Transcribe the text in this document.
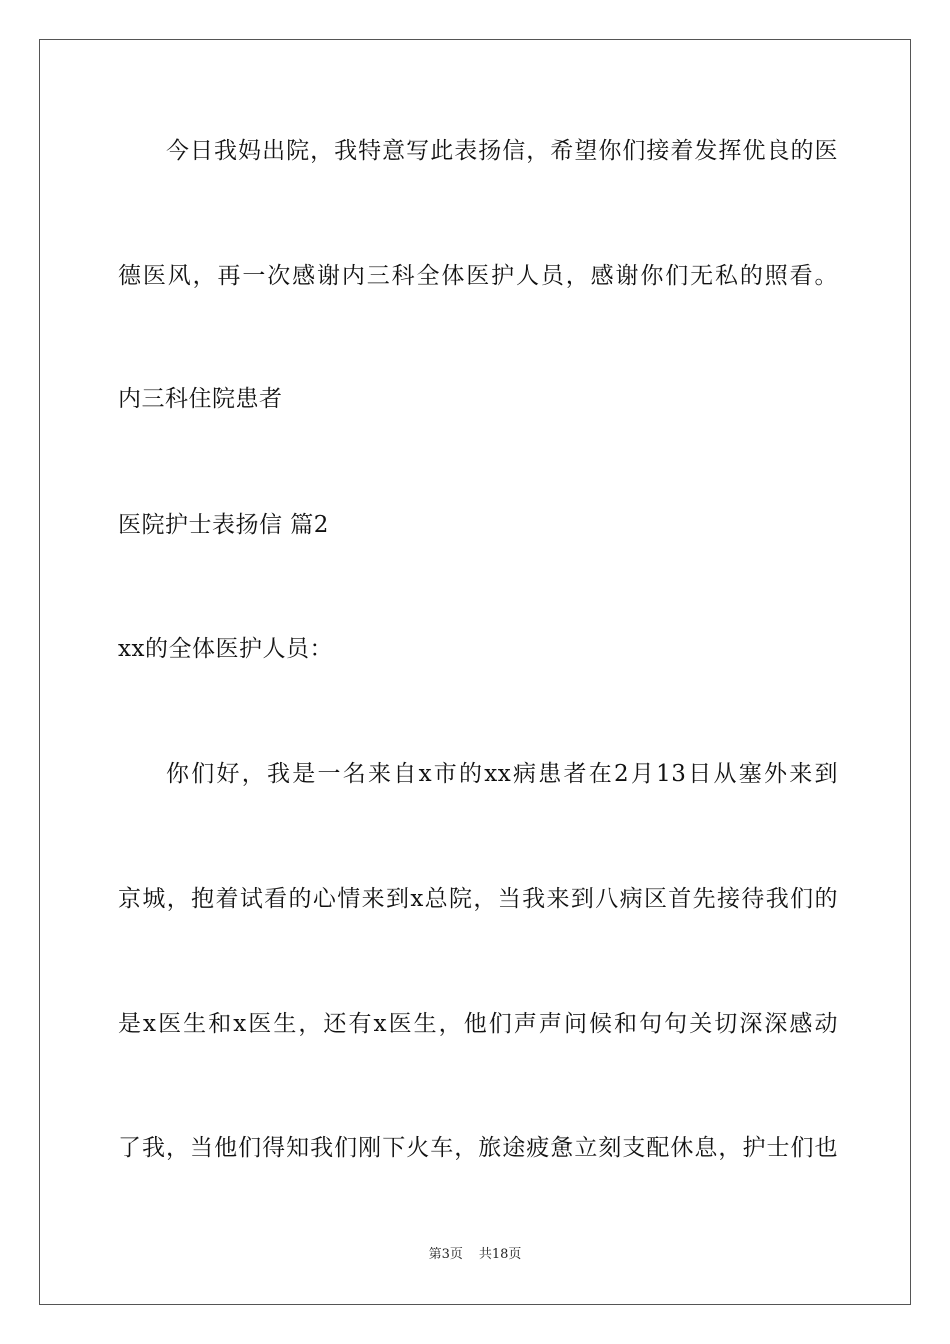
今日我妈出院，我特意写此表扬信，希望你们接着发挥优良的医
德医风，再一次感谢内三科全体医护人员，感谢你们无私的照看。
内三科住院患者
医院护士表扬信 篇2
xx的全体医护人员：
你们好，我是一名来自x市的xx病患者在2月13日从塞外来到
京城，抱着试看的心情来到x总院，当我来到八病区首先接待我们的
是x医生和x医生，还有x医生，他们声声问候和句句关切深深感动
了我，当他们得知我们刚下火车，旅途疲惫立刻支配休息，护士们也
第3页 共18页
